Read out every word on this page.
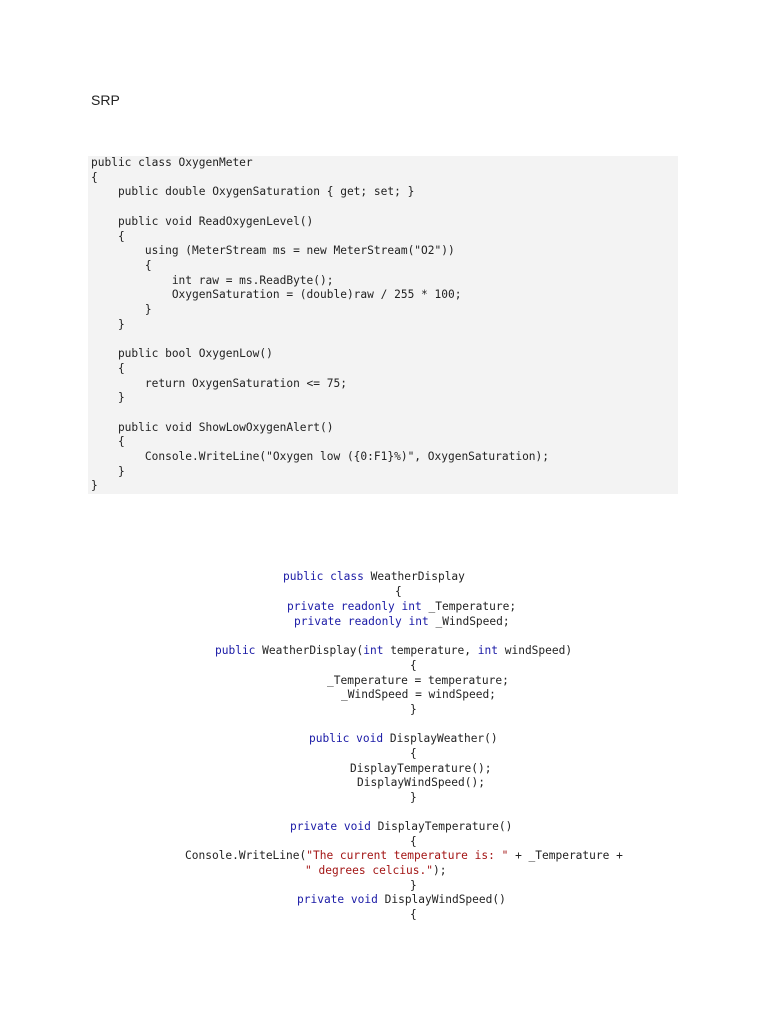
SRP
public class OxygenMeter
{
public double OxygenSaturation { get; set; }

public void ReadOxygenLevel()
{
using (MeterStream ms = new MeterStream("O2"))
{
int raw = ms.ReadByte();
OxygenSaturation = (double)raw / 255 * 100;
}
}

public bool OxygenLow()
{
return OxygenSaturation <= 75;
}

public void ShowLowOxygenAlert()
{
Console.WriteLine("Oxygen low ({0:F1}%)", OxygenSaturation);
}
}
public class WeatherDisplay
{
private readonly int _Temperature;
private readonly int _WindSpeed;
public WeatherDisplay(int temperature, int windSpeed)
{
_Temperature = temperature;
_WindSpeed = windSpeed;
}
public void DisplayWeather()
{
DisplayTemperature();
DisplayWindSpeed();
}
private void DisplayTemperature()
{
Console.WriteLine("The current temperature is: " + _Temperature +
" degrees celcius.");
}
private void DisplayWindSpeed()
{
